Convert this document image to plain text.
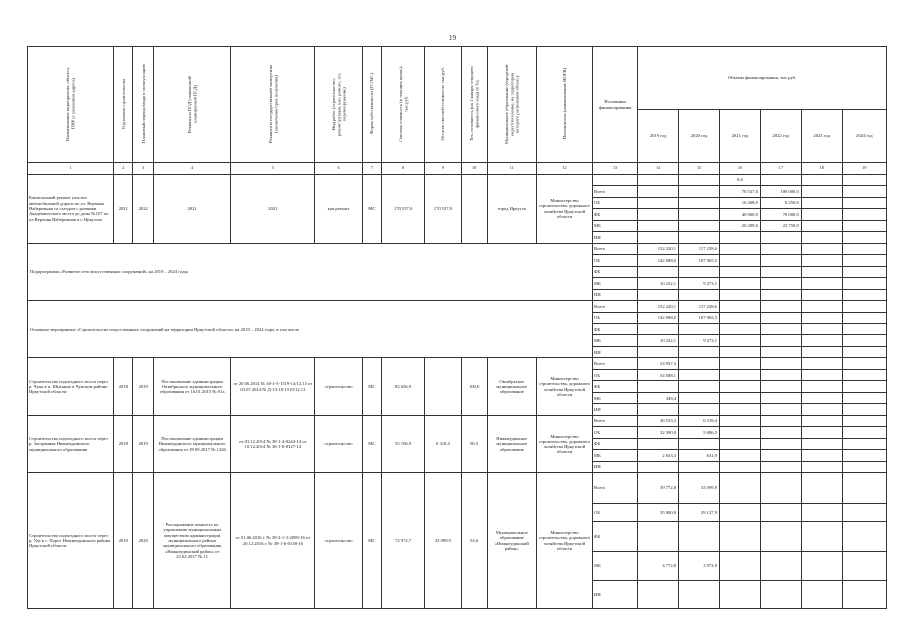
19
Наименование мероприятия, объекта, ПИР (с указанием адреса)	Год начала строительства	Плановый период ввода в эксплуатацию	Реквизиты ПСД (заявленной/планируемой ПСД)	Реквизиты государственной экспертизы (заключение/срок получения)	Вид работ (строительство, реконструкция, кап. ремонт, тех. перевооружение)	Форма собственности (ГС/МС)	Сметная стоимость (в текущих ценах), тыс.руб.	Остаток сметной стоимости, тыс.руб.	Тех. готовность (на 1 января текущего финансового года) (в %)	Муниципальное образование (городской округ/поселение, на территории которого расположен объект)	Исполнитель (наименование ИОГВ)	Источники финансирования	Объемы финансирования, тыс.руб.					
													2019 год	2020 год	2021 год	2022 год	2023 год	2024 год
1	2	3	4	5	6	7	8	9	10	11	12	13	14	15	16	17	18	19
Капитальный ремонт участка автомобильной дороги по ул. Верхняя Набережная со съездом с развязки Академического моста до дома №107 по ул.Верхняя Набережная в г. Иркутске	2021	2022	2021	2021	кап.ремонт	МС	170 537,0	170 537,0		город Иркутск	Министерство строительства, дорожного хозяйства Иркутской области				0,6			
												Всего			70 537,0	100 000,0		
												ОБ			10 268,0	6 250,0		
												ФБ			40 060,0	70 000,0		
												МБ			20 209,0	23 750,0		
												ИИ						
Подпрограмма «Развитие сети искусственных сооружений» на 2019 – 2024 годы												Всего	152 220,1	117 238,6				
												ОБ	142 088,0	107 965,5				
												ФБ						
												МБ	10 232,1	9 273,1				
												ИИ						
Основное мероприятие «Строительство искусственных сооружений на территории Иркутской области» на 2019 – 2024 годы, в том числе												Всего	152 220,1	117 238,6				
												ОБ	142 088,0	107 965,5				
												ФБ						
												МБ	10 232,1	9 273,1				
												ИИ						
Строительство подъездного моста через р. Чуна в п. Шиткино в Чунском районе Иркутской области	2018	2019	Постановление администрации Октябрьского муниципального образования от 16.01.2015 № 01а	от 20.06.2014 № 38-1-5-1519-14/12.13 от 03.07.2014 № Д-13-19-1519/12.13	строительство	МС	82 656,9		100,0	Октябрьское муниципальное образование	Министерство строительства, дорожного хозяйства Иркутской области	Всего	54 937,3					
												ОБ	54 588,1					
												ФБ						
												МБ	349,4					
												ИИ						
Строительство подъездного моста через р. Застранная Нижнеудинского муниципального образования	2018	2019	Постановление администрации Нижнеудинского муниципального образования от 29.09.2017 № 1226	от 03.12.2014 № 38-1-4-0244-14 от 10.12.2014 № 38-1-6-0127-14	строительство	МС	35 106,9	6 318,4	96,5	Нижнеудинское муниципальное образование	Министерство строительства, дорожного хозяйства Иркутской области	Всего	36 533,3	6 318,4				
												ОБ	32 390,0	5 686,5				
												ФБ						
												МБ	2 633,3	631,9				
												ИИ						
Строительство подъездного моста через р. Уда в с. Порог Нижнеудинского района Иркутской области	2019	2020	Распоряжение комитета по управлению муниципальным имуществом администрации муниципального района муниципального образования «Нижнеудинский район» от 23.02.2017 № 11	от 01.06.2016 г. № 38-3-1-3-2099-16 от 20.12.2016 г. № 38-1-6-0138-16	строительство	МС	72 972,7	33 099,9	54,6	Муниципальное образование «Нижнеудинский район»	Министерство строительства, дорожного хозяйства Иркутской области	Всего	39 772,8	33 099,9				
												ОБ	35 000,0	29 127,9				
												ФБ						
												МБ	4 772,8	3 972,0				
												ИИ						
